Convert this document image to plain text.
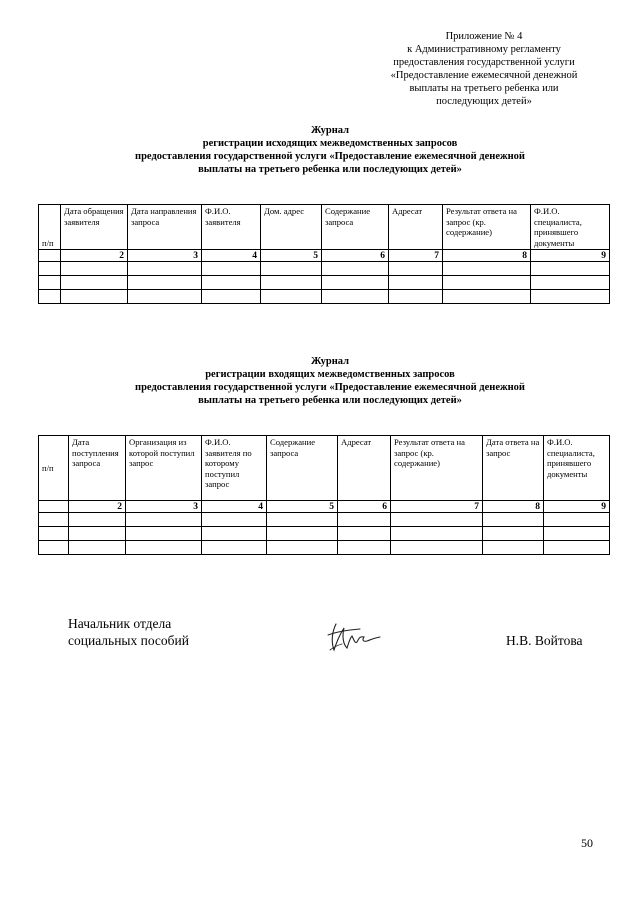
Приложение № 4
к Административному регламенту
предоставления государственной услуги
«Предоставление ежемесячной денежной
выплаты на третьего ребенка или
последующих детей»
Журнал
регистрации исходящих межведомственных запросов
предоставления государственной услуги «Предоставление ежемесячной денежной
выплаты на третьего ребенка или последующих детей»
п/п	Дата обращения заявителя	Дата направления запроса	Ф.И.О. заявителя	Дом. адрес	Содержание запроса	Адресат	Результат ответа на запрос (кр. содержание)	Ф.И.О. специалиста, принявшего документы
	2	3	4	5	6	7	8	9

Журнал
регистрации входящих межведомственных запросов
предоставления государственной услуги «Предоставление ежемесячной денежной
выплаты на третьего ребенка или последующих детей»
п/п	Дата поступления запроса	Организация из которой поступил запрос	Ф.И.О. заявителя по которому поступил запрос	Содержание запроса	Адресат	Результат ответа на запрос (кр. содержание)	Дата ответа на запрос	Ф.И.О. специалиста, принявшего документы
	2	3	4	5	6	7	8	9

Начальник отдела
социальных пособий	Н.В. Войтова
50
